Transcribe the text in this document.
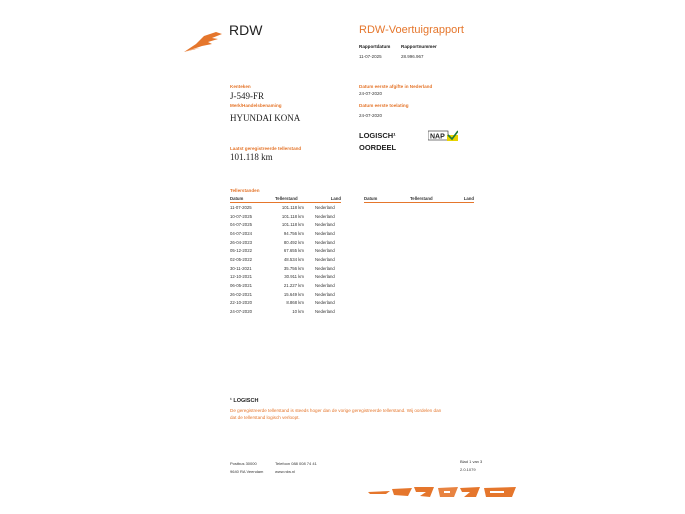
RDW	RDW-Voertuigrapport
Rapportdatum
11-07-2025
Rapportnummer
28.996.967
Kenteken
J-549-FR
Merk/Handelsbenaming
HYUNDAI KONA
Laatst geregistreerde tellerstand
101.118 km
Datum eerste afgifte in Nederland
24-07-2020
Datum eerste toelating
24-07-2020
LOGISCH¹
OORDEEL
NAP
Tellerstanden
Datum	Tellerstand	Land
11-07-2025	101.118 km	Nederland
10-07-2025	101.118 km	Nederland
04-07-2025	101.118 km	Nederland
04-07-2024	94.756 km	Nederland
26-04-2023	80.492 km	Nederland
05-12-2022	67.655 km	Nederland
02-05-2022	48.534 km	Nederland
30-11-2021	35.756 km	Nederland
12-10-2021	30.911 km	Nederland
06-05-2021	21.227 km	Nederland
26-02-2021	15.649 km	Nederland
22-10-2020	8.868 km	Nederland
24-07-2020	10 km	Nederland
Datum	Tellerstand	Land
¹ LOGISCH
De geregistreerde tellerstand is steeds hoger dan de vorige geregistreerde tellerstand. Wij oordelen dan
dat de tellerstand logisch verloopt.
Postbus 30000
9640 RA Veendam
Telefoon 088 008 74 41
www.rdw.nl
Blad 1 van 3
2.0.1079
